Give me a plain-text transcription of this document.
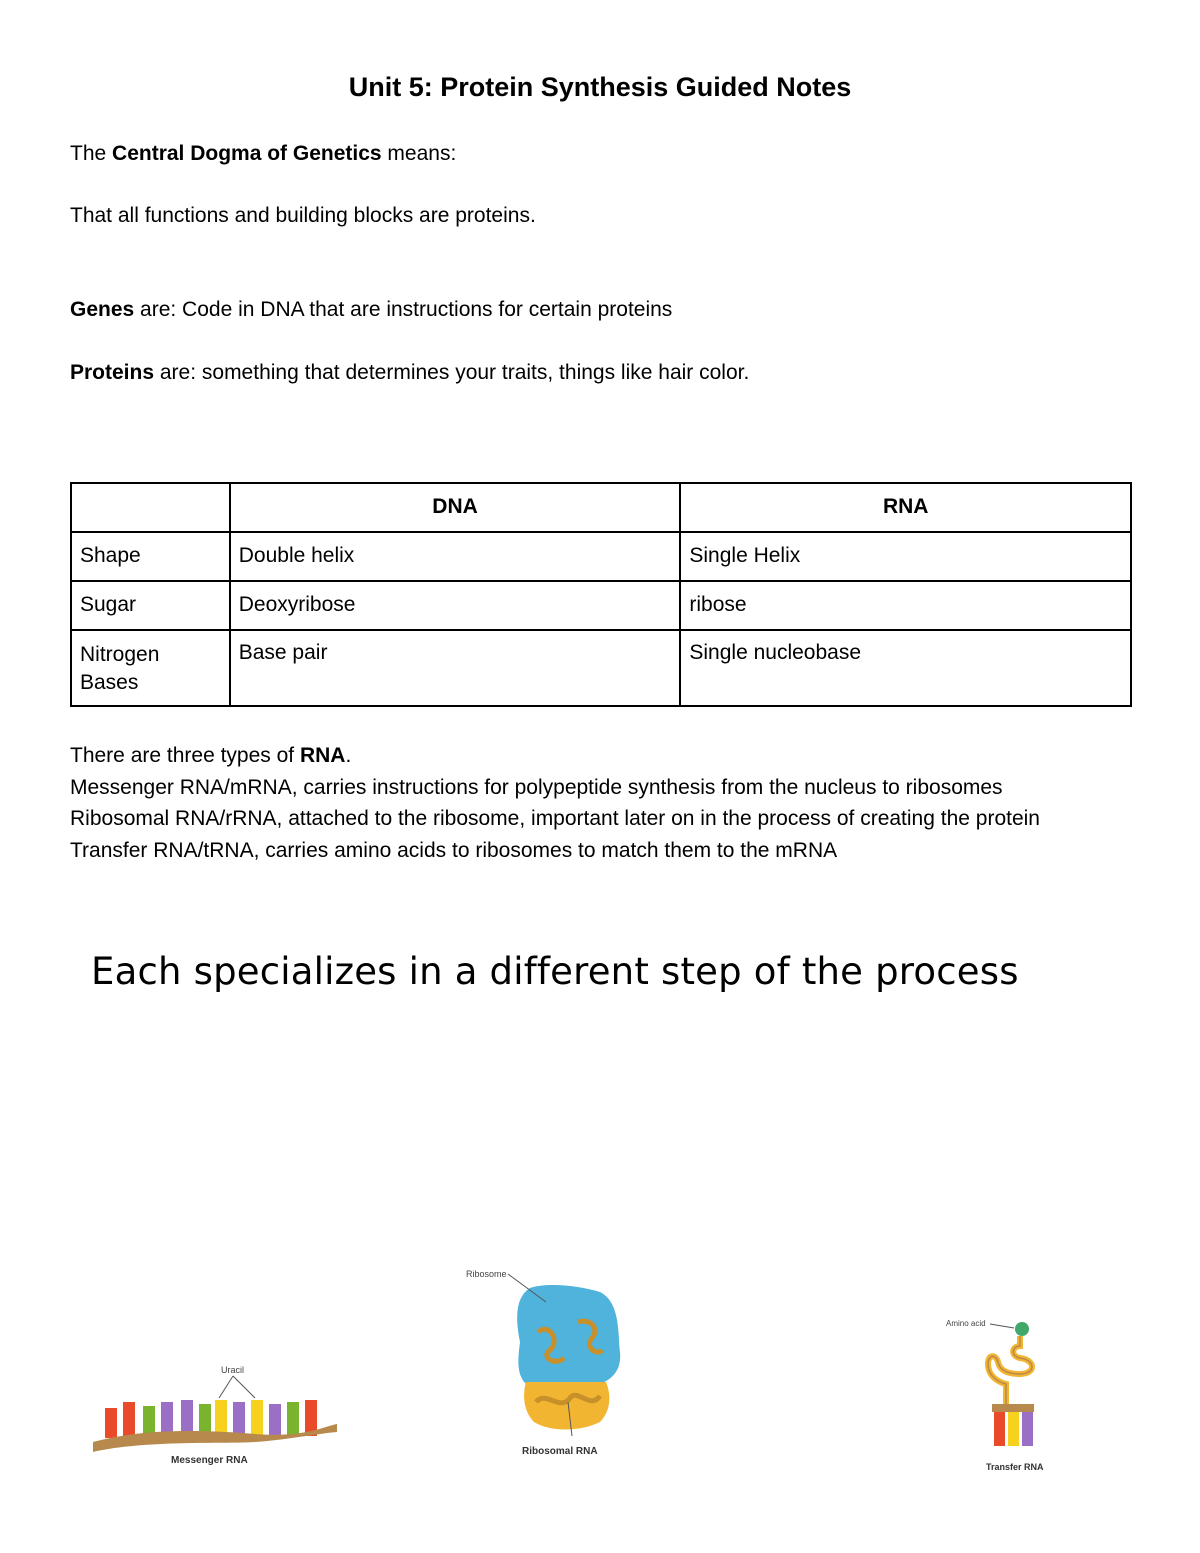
Unit 5: Protein Synthesis Guided Notes
The Central Dogma of Genetics means:
That all functions and building blocks are proteins.
Genes are: Code in DNA that are instructions for certain proteins
Proteins are: something that determines your traits, things like hair color.
	DNA	RNA
Shape	Double helix	Single Helix
Sugar	Deoxyribose	ribose
Nitrogen Bases	Base pair	Single nucleobase
There are three types of RNA.
Messenger RNA/mRNA, carries instructions for polypeptide synthesis from the nucleus to ribosomes
Ribosomal RNA/rRNA, attached to the ribosome, important later on in the process of creating the protein
Transfer RNA/tRNA, carries amino acids to ribosomes to match them to the mRNA
Each specializes in a different step of the process
Uracil
Messenger RNA
Ribosome
Ribosomal RNA
Amino acid
Transfer RNA
